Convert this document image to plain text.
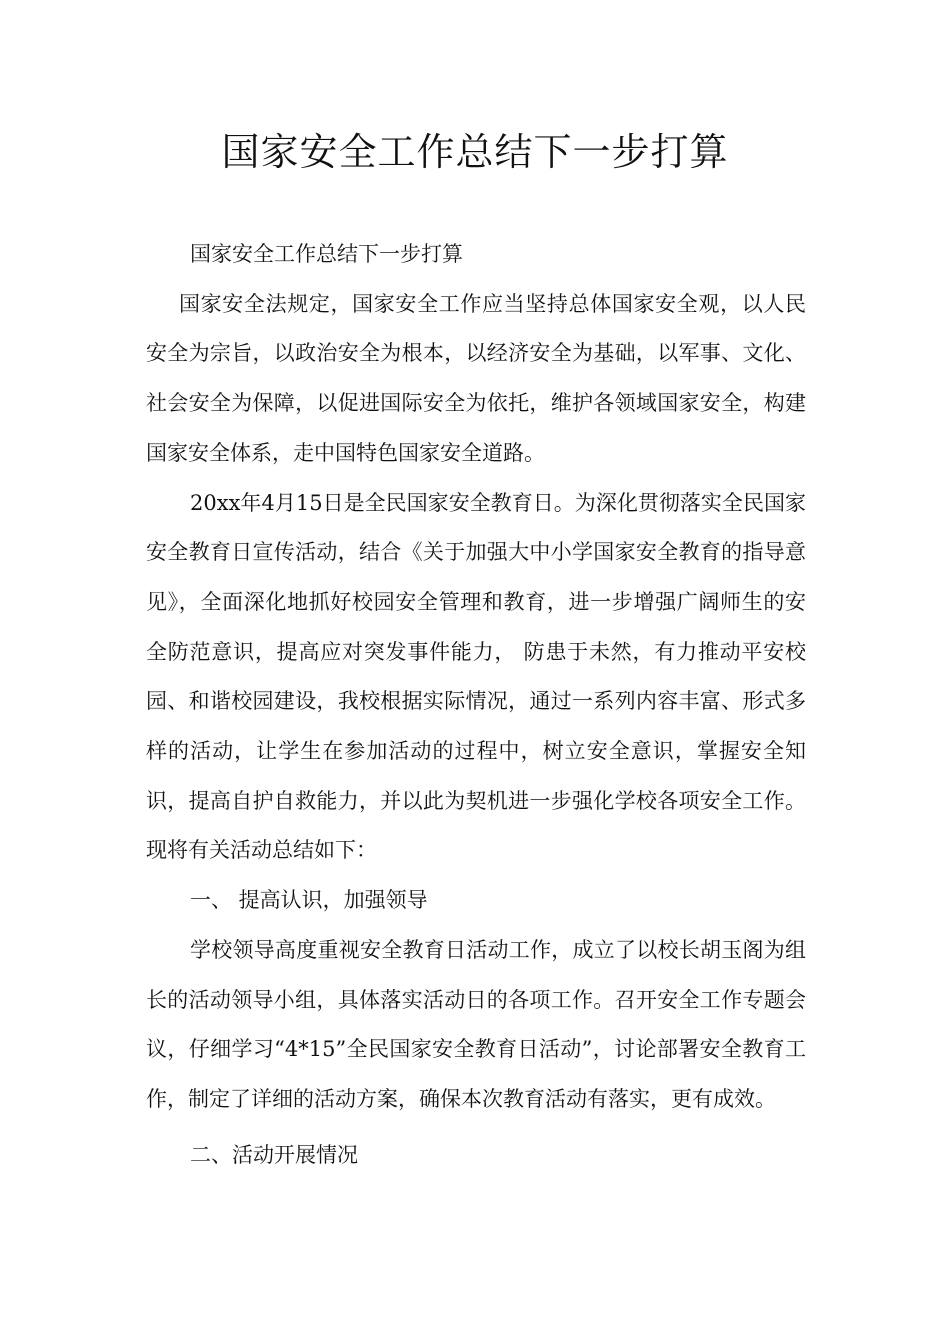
国家安全工作总结下一步打算

国家安全工作总结下一步打算

国家安全法规定，国家安全工作应当坚持总体国家安全观，以人民安全为宗旨，以政治安全为根本，以经济安全为基础，以军事、文化、社会安全为保障，以促进国际安全为依托，维护各领域国家安全，构建国家安全体系，走中国特色国家安全道路。

20xx年4月15日是全民国家安全教育日。为深化贯彻落实全民国家安全教育日宣传活动，结合《关于加强大中小学国家安全教育的指导意见》，全面深化地抓好校园安全管理和教育，进一步增强广阔师生的安全防范意识，提高应对突发事件能力， 防患于未然，有力推动平安校园、和谐校园建设，我校根据实际情况，通过一系列内容丰富、形式多样的活动，让学生在参加活动的过程中，树立安全意识，掌握安全知识，提高自护自救能力，并以此为契机进一步强化学校各项安全工作。现将有关活动总结如下：

一、 提高认识，加强领导

学校领导高度重视安全教育日活动工作，成立了以校长胡玉阁为组长的活动领导小组，具体落实活动日的各项工作。召开安全工作专题会议，仔细学习“4*15”全民国家安全教育日活动”，讨论部署安全教育工作，制定了详细的活动方案，确保本次教育活动有落实，更有成效。

二、活动开展情况
